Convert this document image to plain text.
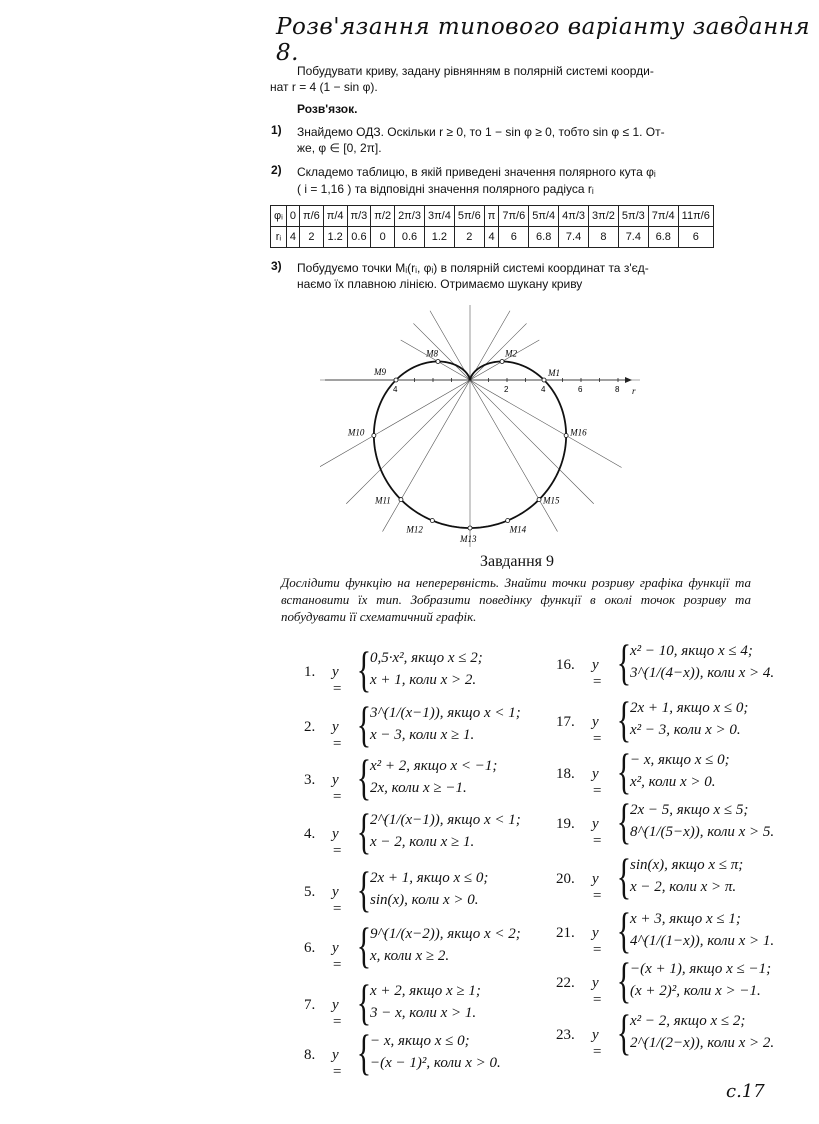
Розв'язання типового варіанту завдання 8.
Побудувати криву, задану рівнянням в полярній системі коорди-
нат r = 4 (1 − sin φ).
Розв'язок.
1) Знайдемо ОДЗ. Оскільки r ≥ 0, то 1 − sin φ ≥ 0, тобто sin φ ≤ 1. От-
же, φ ∈ [0, 2π].
2) Складемо таблицю, в якій приведені значення полярного кута φᵢ
( i = 1,16 ) та відповідні значення полярного радіуса rᵢ
φᵢ	0	π/6	π/4	π/3	π/2	2π/3	3π/4	5π/6	π	7π/6	5π/4	4π/3	3π/2	5π/3	7π/4	11π/6
rᵢ	4	2	1.2	0.6	0	0.6	1.2	2	4	6	6.8	7.4	8	7.4	6.8	6
3) Побудуємо точки Mᵢ(rᵢ, φᵢ) в полярній системі координат та з'єд-
наємо їх плавною лінією. Отримаємо шукану криву
4	2	4	6	8 r
M1
M2
M8
M9
M10
M11
M12
M13
M14
M15
M16
Завдання 9
Дослідити функцію на неперервність. Знайти точки розриву графіка функції та встановити їх тип. Зобразити поведінку функції в околі точок розриву та побудувати її схематичний графік.
1. y = {
0,5·x², якщо x ≤ 2;
x + 1, коли x > 2.
2. y = {
3^(1/(x−1)), якщо x < 1;
x − 3, коли x ≥ 1.
3. y = {
x² + 2, якщо x < −1;
2x, коли x ≥ −1.
4. y = {
2^(1/(x−1)), якщо x < 1;
x − 2, коли x ≥ 1.
5. y = {
2x + 1, якщо x ≤ 0;
sin(x), коли x > 0.
6. y = {
9^(1/(x−2)), якщо x < 2;
x, коли x ≥ 2.
7. y = {
x + 2, якщо x ≥ 1;
3 − x, коли x > 1.
8. y = {
− x, якщо x ≤ 0;
−(x − 1)², коли x > 0.
16. y = {
x² − 10, якщо x ≤ 4;
3^(1/(4−x)), коли x > 4.
17. y = {
2x + 1, якщо x ≤ 0;
x² − 3, коли x > 0.
18. y = {
− x, якщо x ≤ 0;
x², коли x > 0.
19. y = {
2x − 5, якщо x ≤ 5;
8^(1/(5−x)), коли x > 5.
20. y = {
sin(x), якщо x ≤ π;
x − 2, коли x > π.
21. y = {
x + 3, якщо x ≤ 1;
4^(1/(1−x)), коли x > 1.
22. y = {
−(x + 1), якщо x ≤ −1;
(x + 2)², коли x > −1.
23. y = {
x² − 2, якщо x ≤ 2;
2^(1/(2−x)), коли x > 2.
с.17
